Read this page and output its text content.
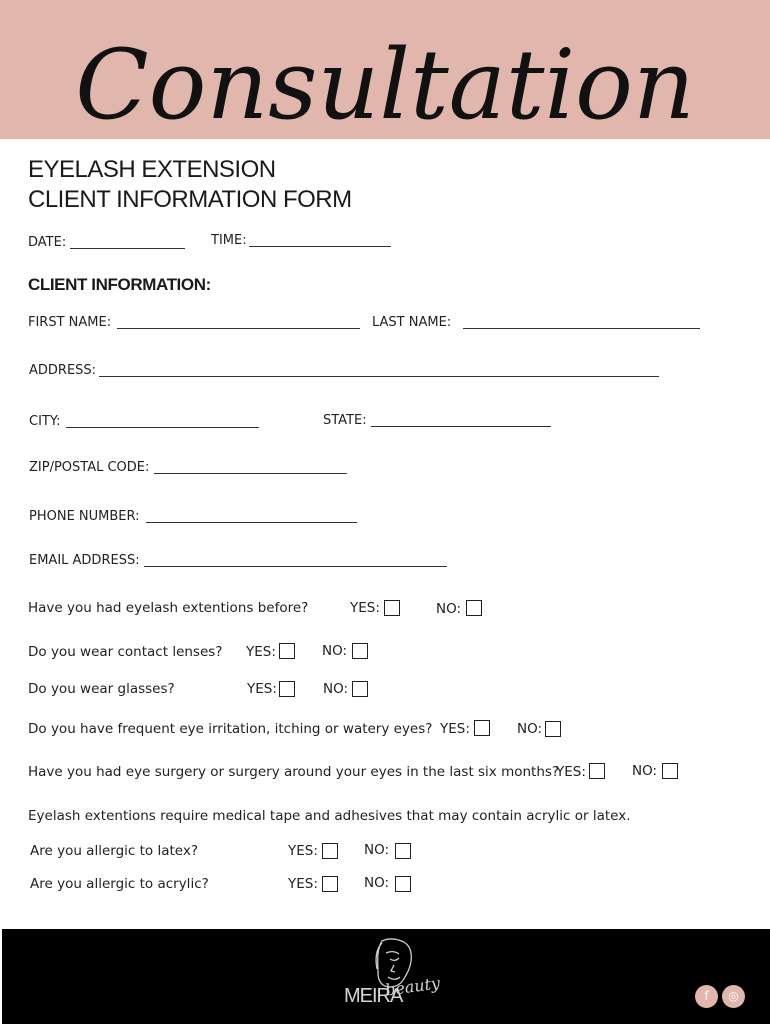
Consultation
EYELASH EXTENSION
CLIENT INFORMATION FORM
DATE:	TIME:
CLIENT INFORMATION:
FIRST NAME:	LAST NAME:
ADDRESS:
CITY:	STATE:
ZIP/POSTAL CODE:
PHONE NUMBER:
EMAIL ADDRESS:
Have you had eyelash extentions before?	YES:	NO:
Do you wear contact lenses? YES:	NO:
Do you wear glasses?	YES:	NO:
Do you have frequent eye irritation, itching or watery eyes? YES:	NO:
Have you had eye surgery or surgery around your eyes in the last six months?
YES:	NO:
Eyelash extentions require medical tape and adhesives that may contain acrylic or latex.
Are you allergic to latex?	YES:	NO:
Are you allergic to acrylic?	YES:	NO:
MEIRA
beauty	f	◎
